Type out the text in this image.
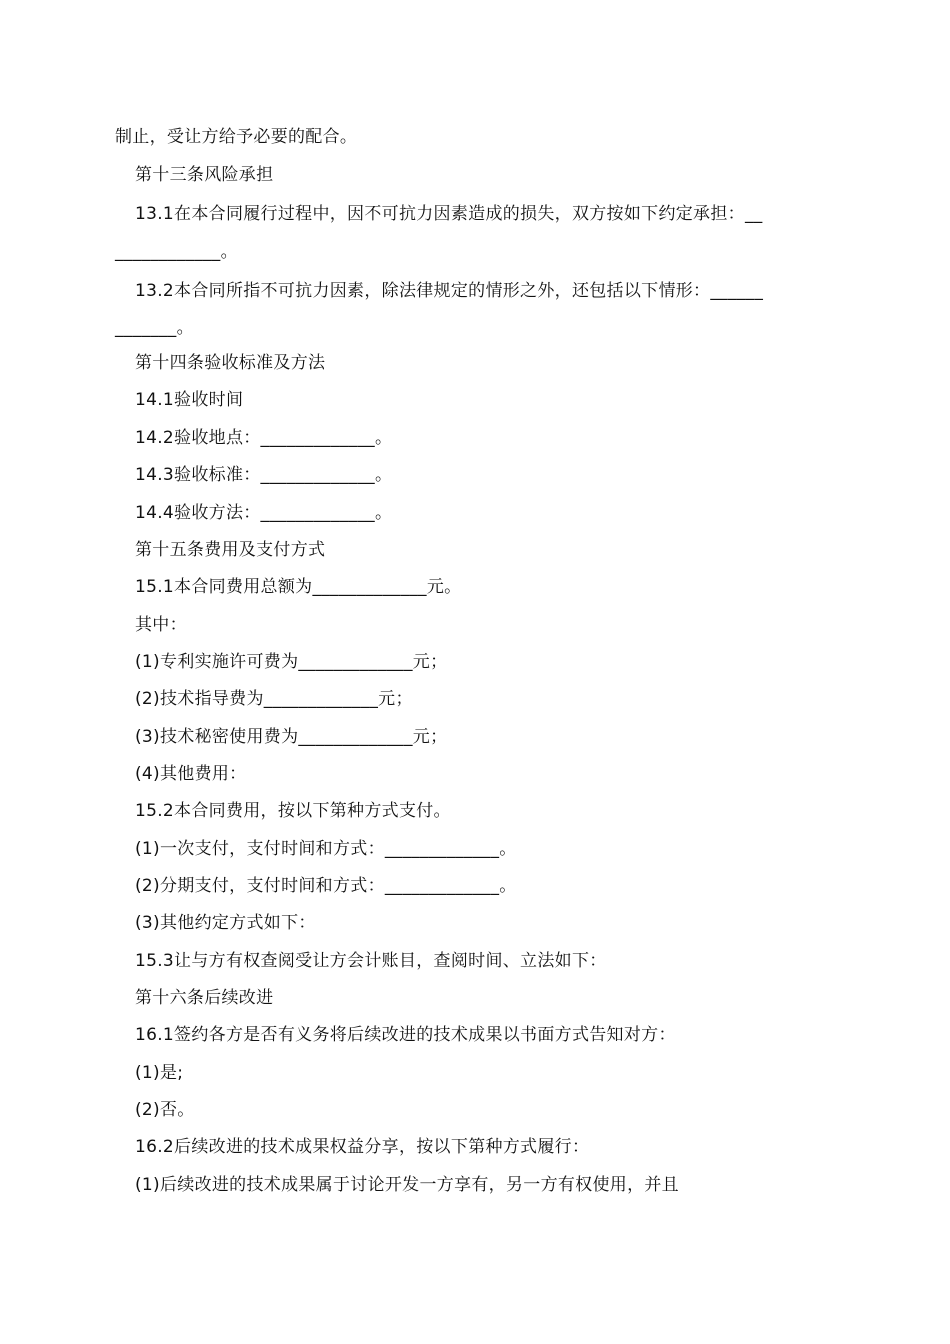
制止，受让方给予必要的配合。
第十三条风险承担
13.1在本合同履行过程中，因不可抗力因素造成的损失，双方按如下约定承担：__
____________。
13.2本合同所指不可抗力因素，除法律规定的情形之外，还包括以下情形：______
_______。
第十四条验收标准及方法
14.1验收时间
14.2验收地点：_____________。
14.3验收标准：_____________。
14.4验收方法：_____________。
第十五条费用及支付方式
15.1本合同费用总额为_____________元。
其中：
(1)专利实施许可费为_____________元；
(2)技术指导费为_____________元；
(3)技术秘密使用费为_____________元；
(4)其他费用：
15.2本合同费用，按以下第种方式支付。
(1)一次支付，支付时间和方式：_____________。
(2)分期支付，支付时间和方式：_____________。
(3)其他约定方式如下：
15.3让与方有权查阅受让方会计账目，查阅时间、立法如下：
第十六条后续改进
16.1签约各方是否有义务将后续改进的技术成果以书面方式告知对方：
(1)是;
(2)否。
16.2后续改进的技术成果权益分享，按以下第种方式履行：
(1)后续改进的技术成果属于讨论开发一方享有，另一方有权使用，并且
